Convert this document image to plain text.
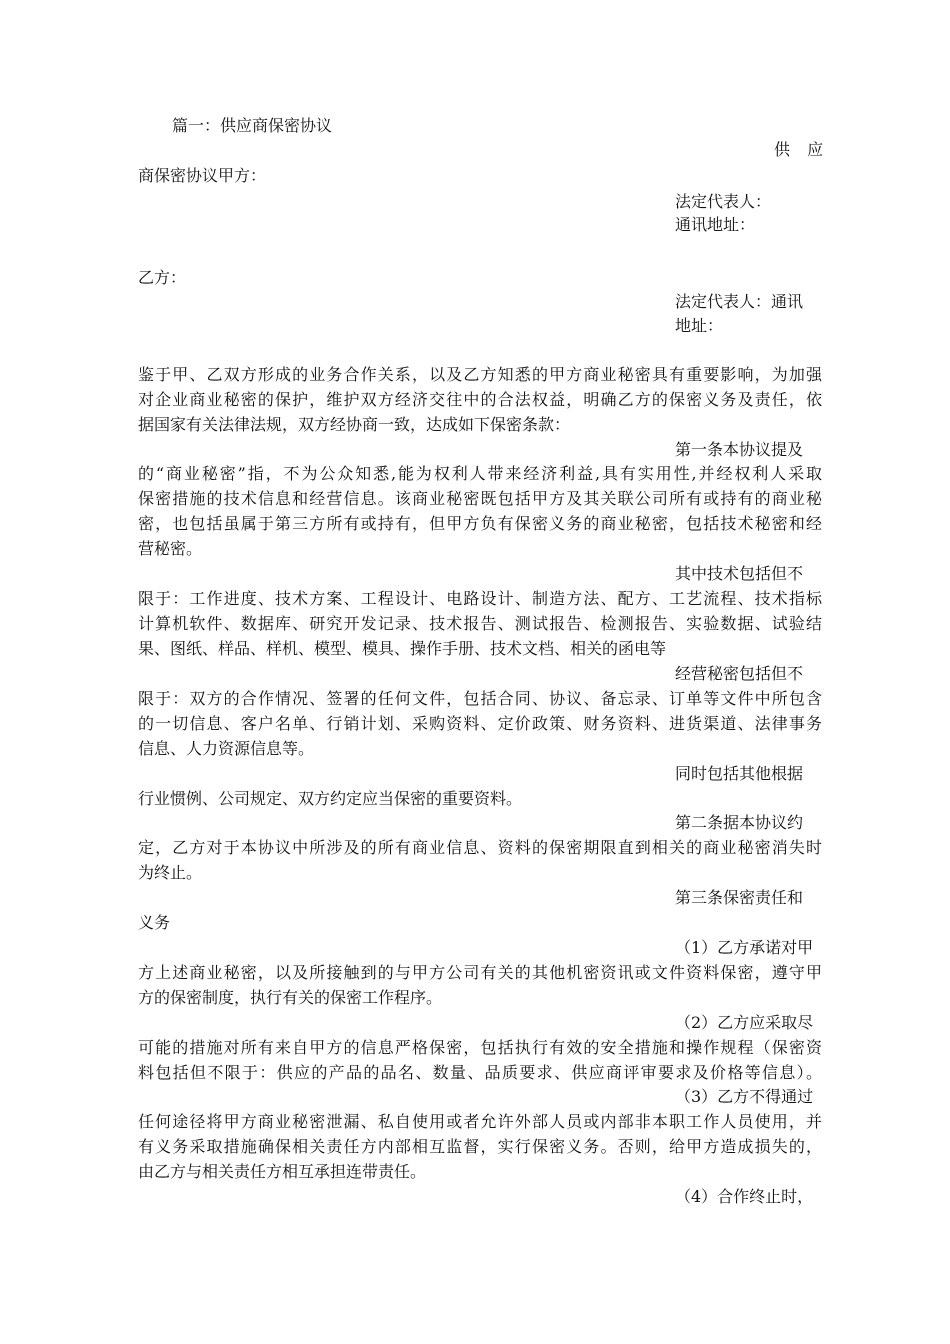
篇一：供应商保密协议
供 应
商保密协议甲方：
法定代表人：
通讯地址：
乙方：
法定代表人：通讯
地址：
鉴于甲、乙双方形成的业务合作关系，以及乙方知悉的甲方商业秘密具有重要影响，为加强
对企业商业秘密的保护，维护双方经济交往中的合法权益，明确乙方的保密义务及责任，依
据国家有关法律法规，双方经协商一致，达成如下保密条款：
第一条本协议提及
的“商业秘密”指，不为公众知悉,能为权利人带来经济利益,具有实用性,并经权利人采取
保密措施的技术信息和经营信息。该商业秘密既包括甲方及其关联公司所有或持有的商业秘
密，也包括虽属于第三方所有或持有，但甲方负有保密义务的商业秘密，包括技术秘密和经
营秘密。
其中技术包括但不
限于：工作进度、技术方案、工程设计、电路设计、制造方法、配方、工艺流程、技术指标
计算机软件、数据库、研究开发记录、技术报告、测试报告、检测报告、实验数据、试验结
果、图纸、样品、样机、模型、模具、操作手册、技术文档、相关的函电等
经营秘密包括但不
限于：双方的合作情况、签署的任何文件，包括合同、协议、备忘录、订单等文件中所包含
的一切信息、客户名单、行销计划、采购资料、定价政策、财务资料、进货渠道、法律事务
信息、人力资源信息等。
同时包括其他根据
行业惯例、公司规定、双方约定应当保密的重要资料。
第二条据本协议约
定，乙方对于本协议中所涉及的所有商业信息、资料的保密期限直到相关的商业秘密消失时
为终止。
第三条保密责任和
义务
（1）乙方承诺对甲
方上述商业秘密，以及所接触到的与甲方公司有关的其他机密资讯或文件资料保密，遵守甲
方的保密制度，执行有关的保密工作程序。
（2）乙方应采取尽
可能的措施对所有来自甲方的信息严格保密，包括执行有效的安全措施和操作规程（保密资
料包括但不限于：供应的产品的品名、数量、品质要求、供应商评审要求及价格等信息）。
（3）乙方不得通过
任何途径将甲方商业秘密泄漏、私自使用或者允许外部人员或内部非本职工作人员使用，并
有义务采取措施确保相关责任方内部相互监督，实行保密义务。否则，给甲方造成损失的，
由乙方与相关责任方相互承担连带责任。
（4）合作终止时，
